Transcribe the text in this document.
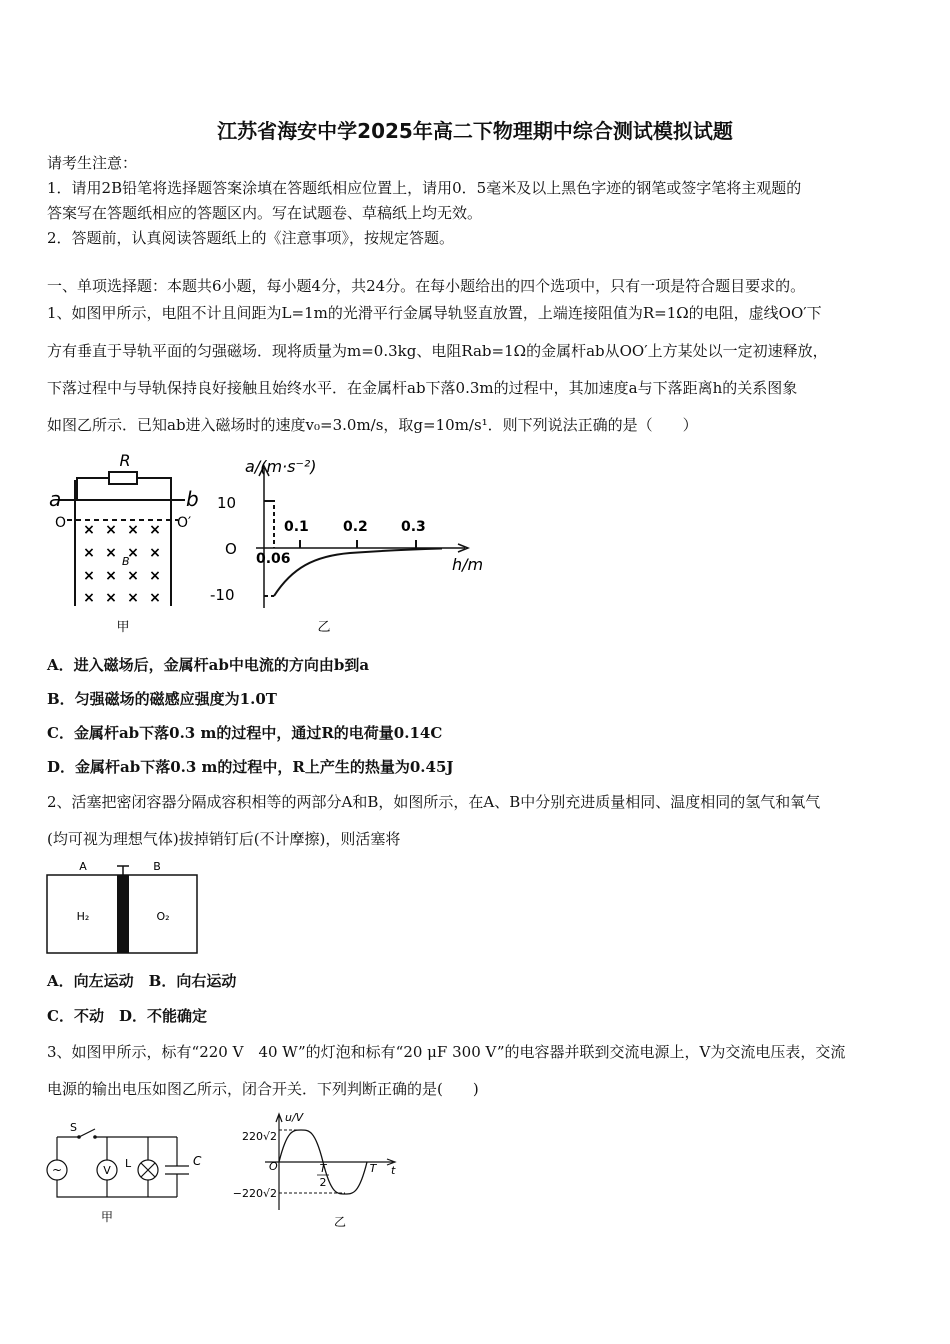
江苏省海安中学2025年高二下物理期中综合测试模拟试题
请考生注意：
1．请用2B铅笔将选择题答案涂填在答题纸相应位置上，请用0．5毫米及以上黑色字迹的钢笔或签字笔将主观题的
答案写在答题纸相应的答题区内。写在试题卷、草稿纸上均无效。
2．答题前，认真阅读答题纸上的《注意事项》，按规定答题。
一、单项选择题：本题共6小题，每小题4分，共24分。在每小题给出的四个选项中，只有一项是符合题目要求的。
1、如图甲所示，电阻不计且间距为L=1m的光滑平行金属导轨竖直放置，上端连接阻值为R=1Ω的电阻，虚线OO′下
方有垂直于导轨平面的匀强磁场．现将质量为m=0.3kg、电阻Rab=1Ω的金属杆ab从OO′上方某处以一定初速释放，
下落过程中与导轨保持良好接触且始终水平．在金属杆ab下落0.3m的过程中，其加速度a与下落距离h的关系图象
如图乙所示．已知ab进入磁场时的速度v₀=3.0m/s，取g=10m/s¹．则下列说法正确的是（　　）
R
a	b
O	O′
× × × ×
× × × ×
× × × ×
× × × ×
B
甲
a/(m·s⁻²)
h/m
10
-10
O
0.1 0.2 0.3
0.06
乙
A．进入磁场后，金属杆ab中电流的方向由b到a
B．匀强磁场的磁感应强度为1.0T
C．金属杆ab下落0.3 m的过程中，通过R的电荷量0.14C
D．金属杆ab下落0.3 m的过程中，R上产生的热量为0.45J
2、活塞把密闭容器分隔成容积相等的两部分A和B，如图所示，在A、B中分别充进质量相同、温度相同的氢气和氧气
(均可视为理想气体)拔掉销钉后(不计摩擦)，则活塞将
A	B
H₂	O₂
A．向左运动　B．向右运动
C．不动　D．不能确定
3、如图甲所示，标有“220 V　40 W”的灯泡和标有“20 μF 300 V”的电容器并联到交流电源上，V为交流电压表，交流
电源的输出电压如图乙所示，闭合开关．下列判断正确的是(　　)
S
~	V
L	C
甲
u/V
t
220√2
−220√2
O	T
2
T
乙
